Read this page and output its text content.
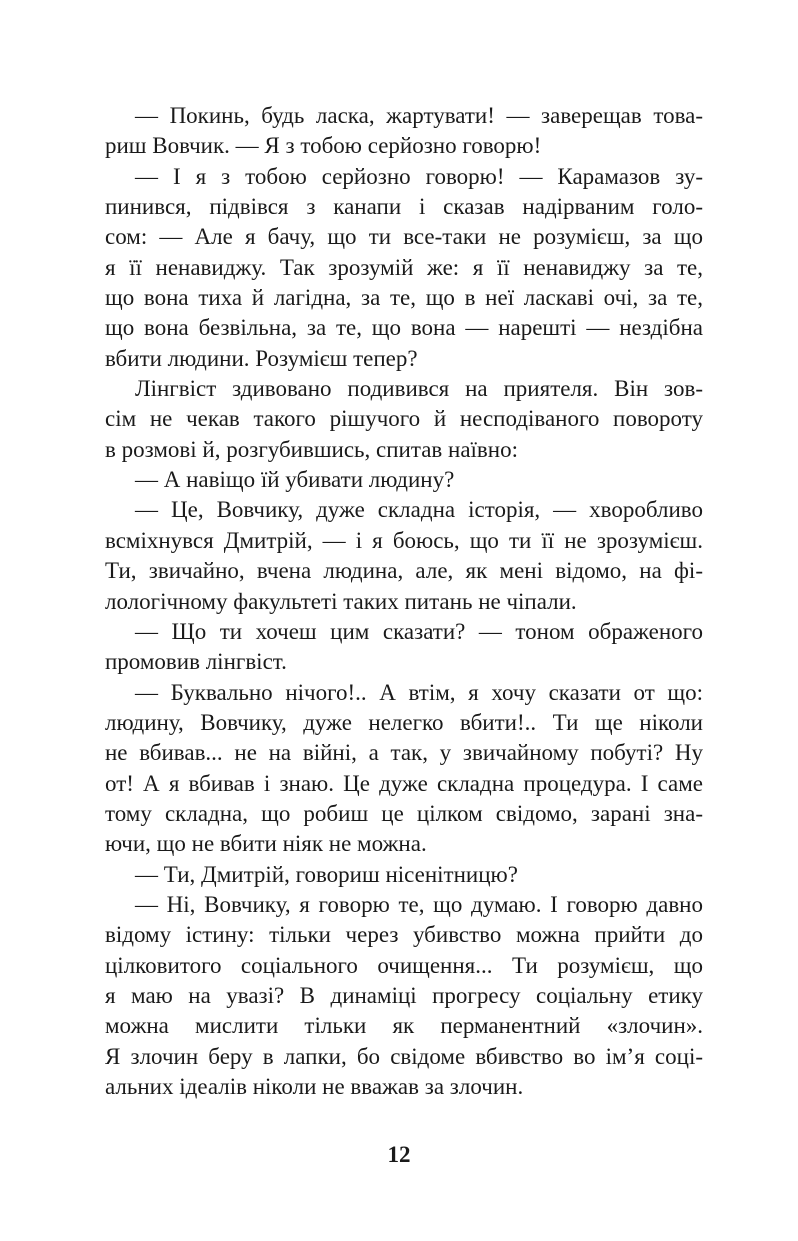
— Покинь, будь ласка, жартувати! — заверещав това-
риш Вовчик. — Я з тобою серйозно говорю!
— І я з тобою серйозно говорю! — Карамазов зу-
пинився, підвівся з канапи і сказав надірваним голо-
сом: — Але я бачу, що ти все-таки не розумієш, за що
я її ненавиджу. Так зрозумій же: я її ненавиджу за те,
що вона тиха й лагідна, за те, що в неї ласкаві очі, за те,
що вона безвільна, за те, що вона — нарешті — нездібна
вбити людини. Розумієш тепер?
Лінгвіст здивовано подивився на приятеля. Він зов-
сім не чекав такого рішучого й несподіваного повороту
в розмові й, розгубившись, спитав наївно:
— А навіщо їй убивати людину?
— Це, Вовчику, дуже складна історія, — хворобливо
всміхнувся Дмитрій, — і я боюсь, що ти її не зрозумієш.
Ти, звичайно, вчена людина, але, як мені відомо, на фі-
лологічному факультеті таких питань не чіпали.
— Що ти хочеш цим сказати? — тоном ображеного
промовив лінгвіст.
— Буквально нічого!.. А втім, я хочу сказати от що:
людину, Вовчику, дуже нелегко вбити!.. Ти ще ніколи
не вбивав... не на війні, а так, у звичайному побуті? Ну
от! А я вбивав і знаю. Це дуже складна процедура. І саме
тому складна, що робиш це цілком свідомо, зарані зна-
ючи, що не вбити ніяк не можна.
— Ти, Дмитрій, говориш нісенітницю?
— Ні, Вовчику, я говорю те, що думаю. І говорю давно
відому істину: тільки через убивство можна прийти до
цілковитого соціального очищення... Ти розумієш, що
я маю на увазі? В динаміці прогресу соціальну етику
можна мислити тільки як перманентний «злочин».
Я злочин беру в лапки, бо свідоме вбивство во ім’я соці-
альних ідеалів ніколи не вважав за злочин.
12
